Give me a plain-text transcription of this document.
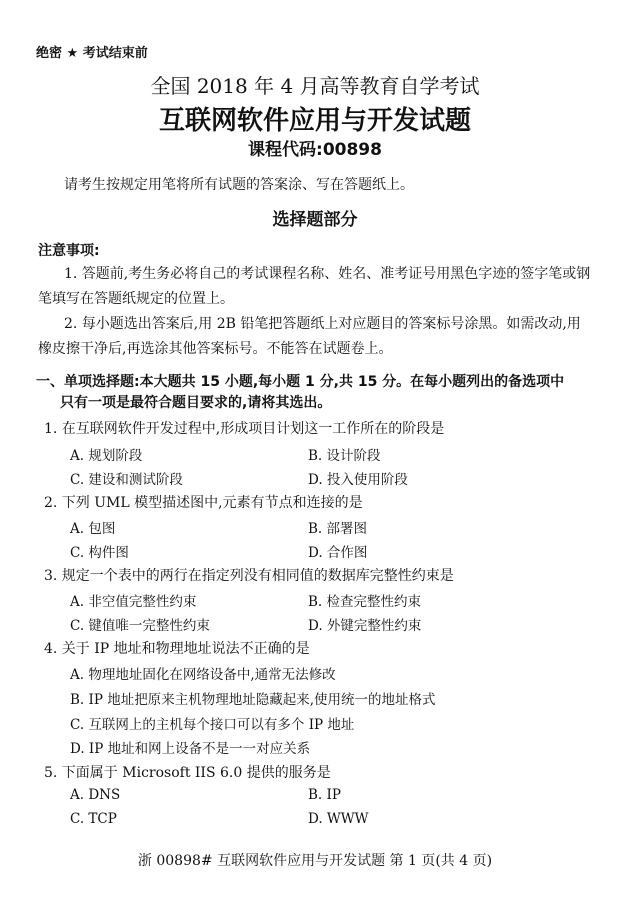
绝密 ★ 考试结束前
全国 2018 年 4 月高等教育自学考试
互联网软件应用与开发试题
课程代码:00898
请考生按规定用笔将所有试题的答案涂、写在答题纸上。
选择题部分
注意事项:
1. 答题前,考生务必将自己的考试课程名称、姓名、准考证号用黑色字迹的签字笔或钢笔填写在答题纸规定的位置上。
2. 每小题选出答案后,用 2B 铅笔把答题纸上对应题目的答案标号涂黑。如需改动,用橡皮擦干净后,再选涂其他答案标号。不能答在试题卷上。
一、单项选择题:本大题共 15 小题,每小题 1 分,共 15 分。在每小题列出的备选项中
只有一项是最符合题目要求的,请将其选出。
1. 在互联网软件开发过程中,形成项目计划这一工作所在的阶段是
A. 规划阶段	B. 设计阶段
C. 建设和测试阶段	D. 投入使用阶段
2. 下列 UML 模型描述图中,元素有节点和连接的是
A. 包图	B. 部署图
C. 构件图	D. 合作图
3. 规定一个表中的两行在指定列没有相同值的数据库完整性约束是
A. 非空值完整性约束	B. 检查完整性约束
C. 键值唯一完整性约束	D. 外键完整性约束
4. 关于 IP 地址和物理地址说法不正确的是
A. 物理地址固化在网络设备中,通常无法修改
B. IP 地址把原来主机物理地址隐藏起来,使用统一的地址格式
C. 互联网上的主机每个接口可以有多个 IP 地址
D. IP 地址和网上设备不是一一对应关系
5. 下面属于 Microsoft IIS 6.0 提供的服务是
A. DNS	B. IP
C. TCP	D. WWW
浙 00898# 互联网软件应用与开发试题 第 1 页(共 4 页)
